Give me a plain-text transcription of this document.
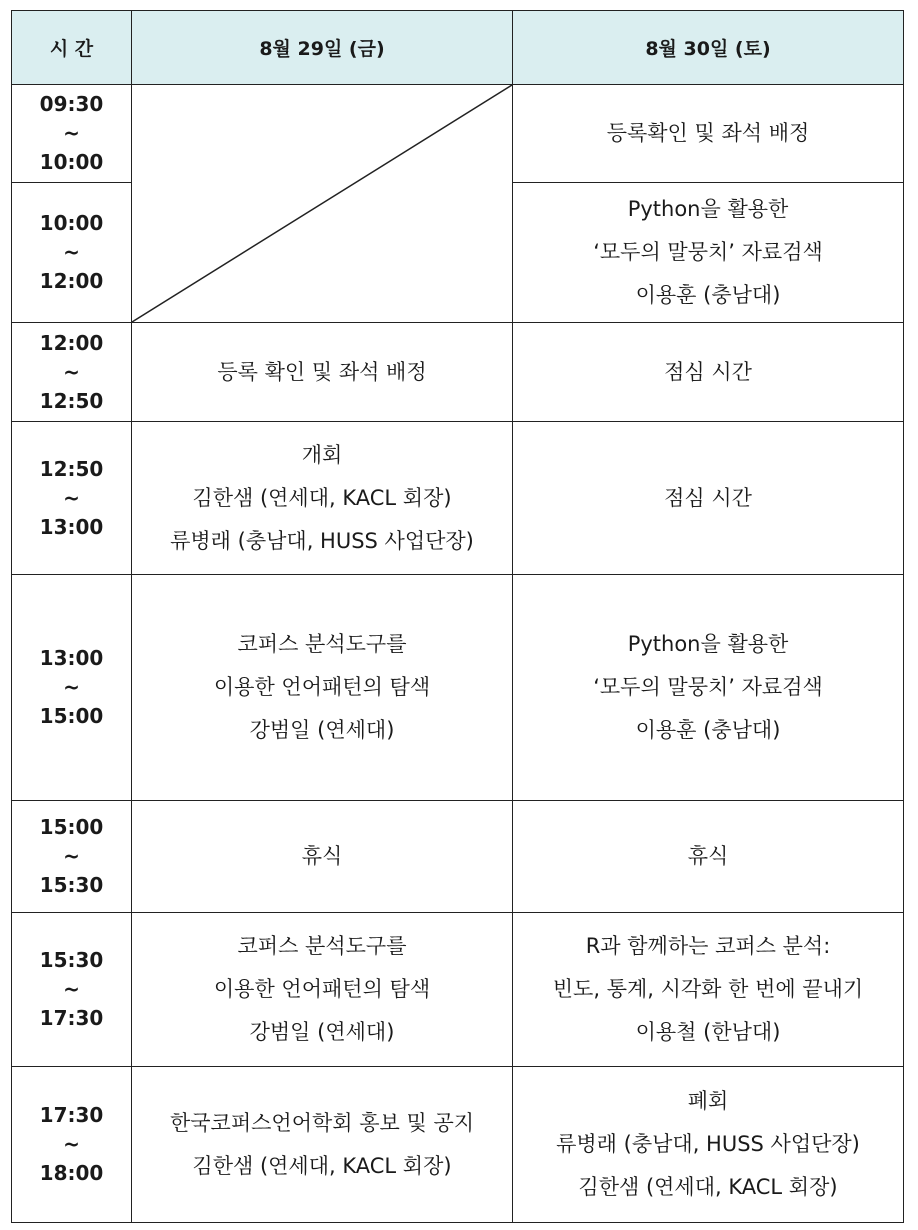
시 간	8월 29일 (금)	8월 30일 (토)

09:30
~
10:00		등록확인 및 좌석 배정

10:00
~
12:00		Python을 활용한
‘모두의 말뭉치’ 자료검색
이용훈 (충남대)

12:00
~
12:50	등록 확인 및 좌석 배정	점심 시간

12:50
~
13:00	개회
김한샘 (연세대, KACL 회장)
류병래 (충남대, HUSS 사업단장)	점심 시간

13:00
~
15:00	코퍼스 분석도구를
이용한 언어패턴의 탐색
강범일 (연세대)	Python을 활용한
‘모두의 말뭉치’ 자료검색
이용훈 (충남대)

15:00
~
15:30	휴식	휴식

15:30
~
17:30	코퍼스 분석도구를
이용한 언어패턴의 탐색
강범일 (연세대)	R과 함께하는 코퍼스 분석:
빈도, 통계, 시각화 한 번에 끝내기
이용철 (한남대)

17:30
~
18:00	한국코퍼스언어학회 홍보 및 공지
김한샘 (연세대, KACL 회장)	폐회
류병래 (충남대, HUSS 사업단장)
김한샘 (연세대, KACL 회장)
